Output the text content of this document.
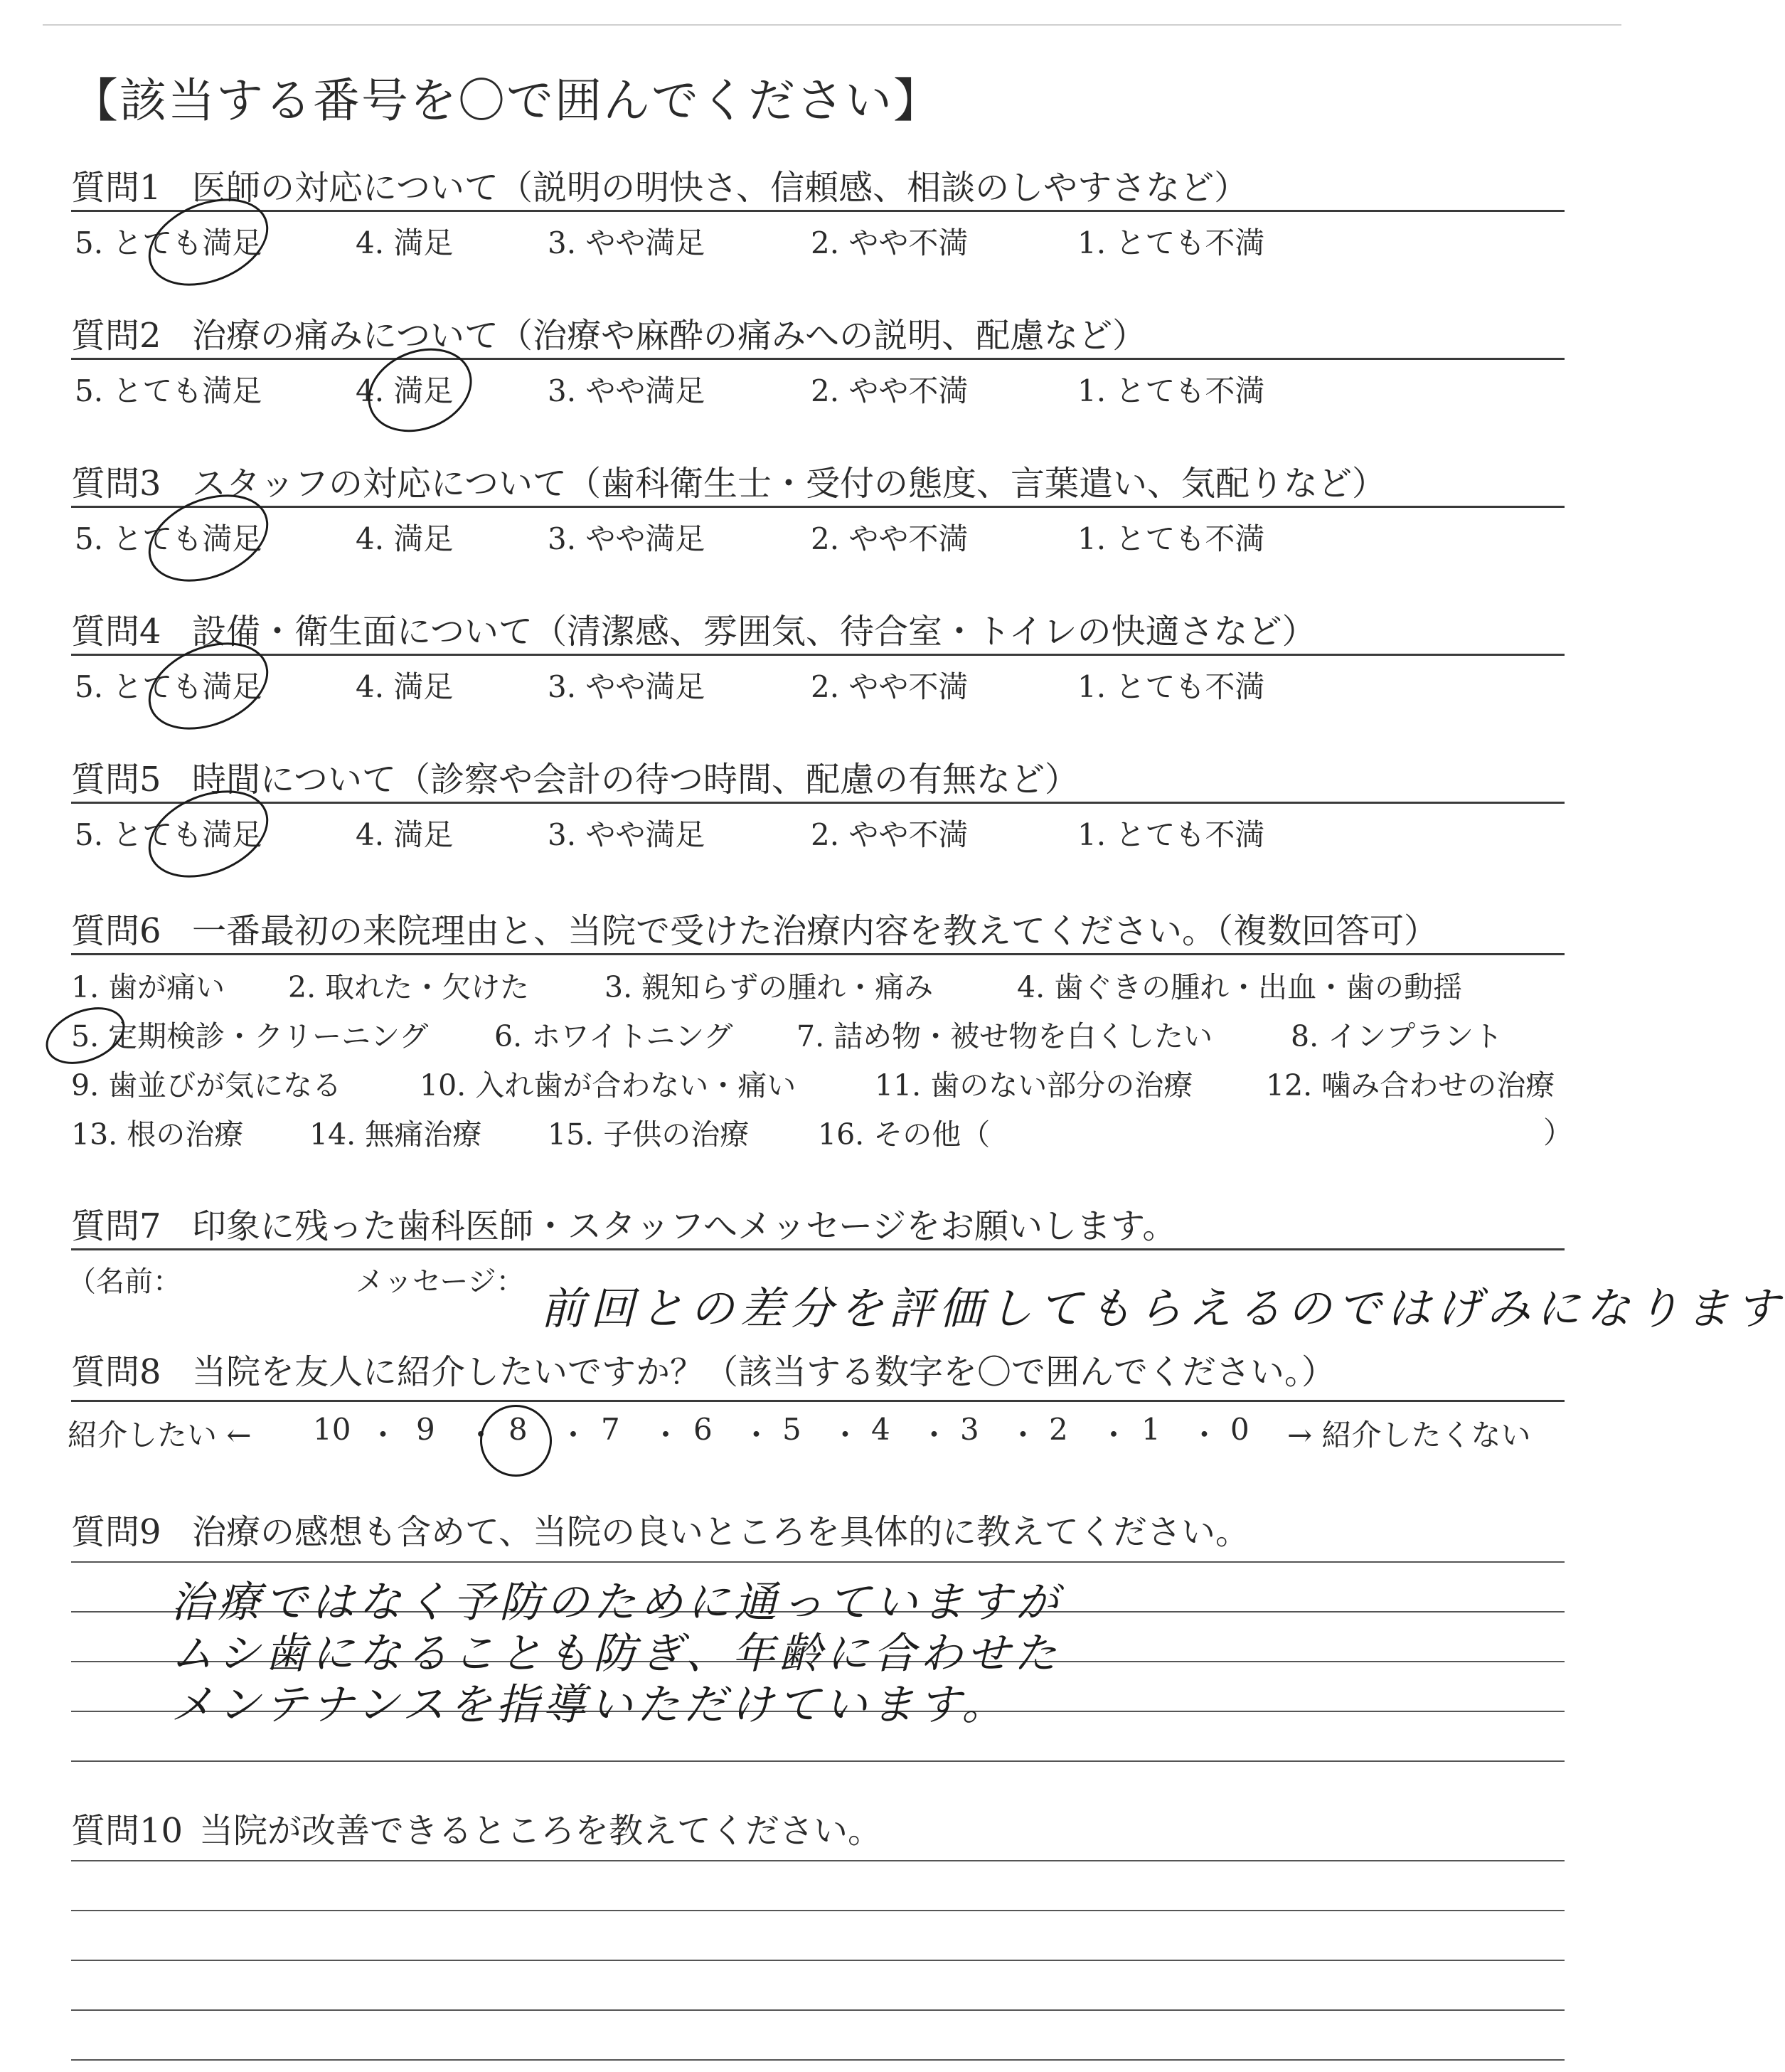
【該当する番号を〇で囲んでください】
質問1 医師の対応について（説明の明快さ、信頼感、相談のしやすさなど）
5. とても満足	4. 満足	3. やや満足	2. やや不満	1. とても不満
質問2 治療の痛みについて（治療や麻酔の痛みへの説明、配慮など）
5. とても満足	4. 満足	3. やや満足	2. やや不満	1. とても不満
質問3 スタッフの対応について（歯科衛生士・受付の態度、言葉遣い、気配りなど）
5. とても満足	4. 満足	3. やや満足	2. やや不満	1. とても不満
質問4 設備・衛生面について（清潔感、雰囲気、待合室・トイレの快適さなど）
5. とても満足	4. 満足	3. やや満足	2. やや不満	1. とても不満
質問5 時間について（診察や会計の待つ時間、配慮の有無など）
5. とても満足	4. 満足	3. やや満足	2. やや不満	1. とても不満
質問6 一番最初の来院理由と、当院で受けた治療内容を教えてください。（複数回答可）
1. 歯が痛い 2. 取れた・欠けた	3. 親知らずの腫れ・痛み	4. 歯ぐきの腫れ・出血・歯の動揺
5. 定期検診・クリーニング 6. ホワイトニング 7. 詰め物・被せ物を白くしたい	8. インプラント
9. 歯並びが気になる	10. 入れ歯が合わない・痛い	11. 歯のない部分の治療	12. 噛み合わせの治療
13. 根の治療 14. 無痛治療 15. 子供の治療 16. その他（	）
質問7 印象に残った歯科医師・スタッフへメッセージをお願いします。
（名前：	メッセージ：
前回との差分を評価してもらえるのではげみになります
質問8 当院を友人に紹介したいですか？（該当する数字を〇で囲んでください。）
紹介したい ←	→ 紹介したくない
10 ・ 9 ・ 8 ・ 7 ・ 6 ・ 5 ・ 4 ・ 3 ・ 2 ・ 1 ・ 0
質問9 治療の感想も含めて、当院の良いところを具体的に教えてください。
治療ではなく予防のために通っていますが
ムシ歯になることも防ぎ、年齢に合わせた
メンテナンスを指導いただけています。
質問10 当院が改善できるところを教えてください。
